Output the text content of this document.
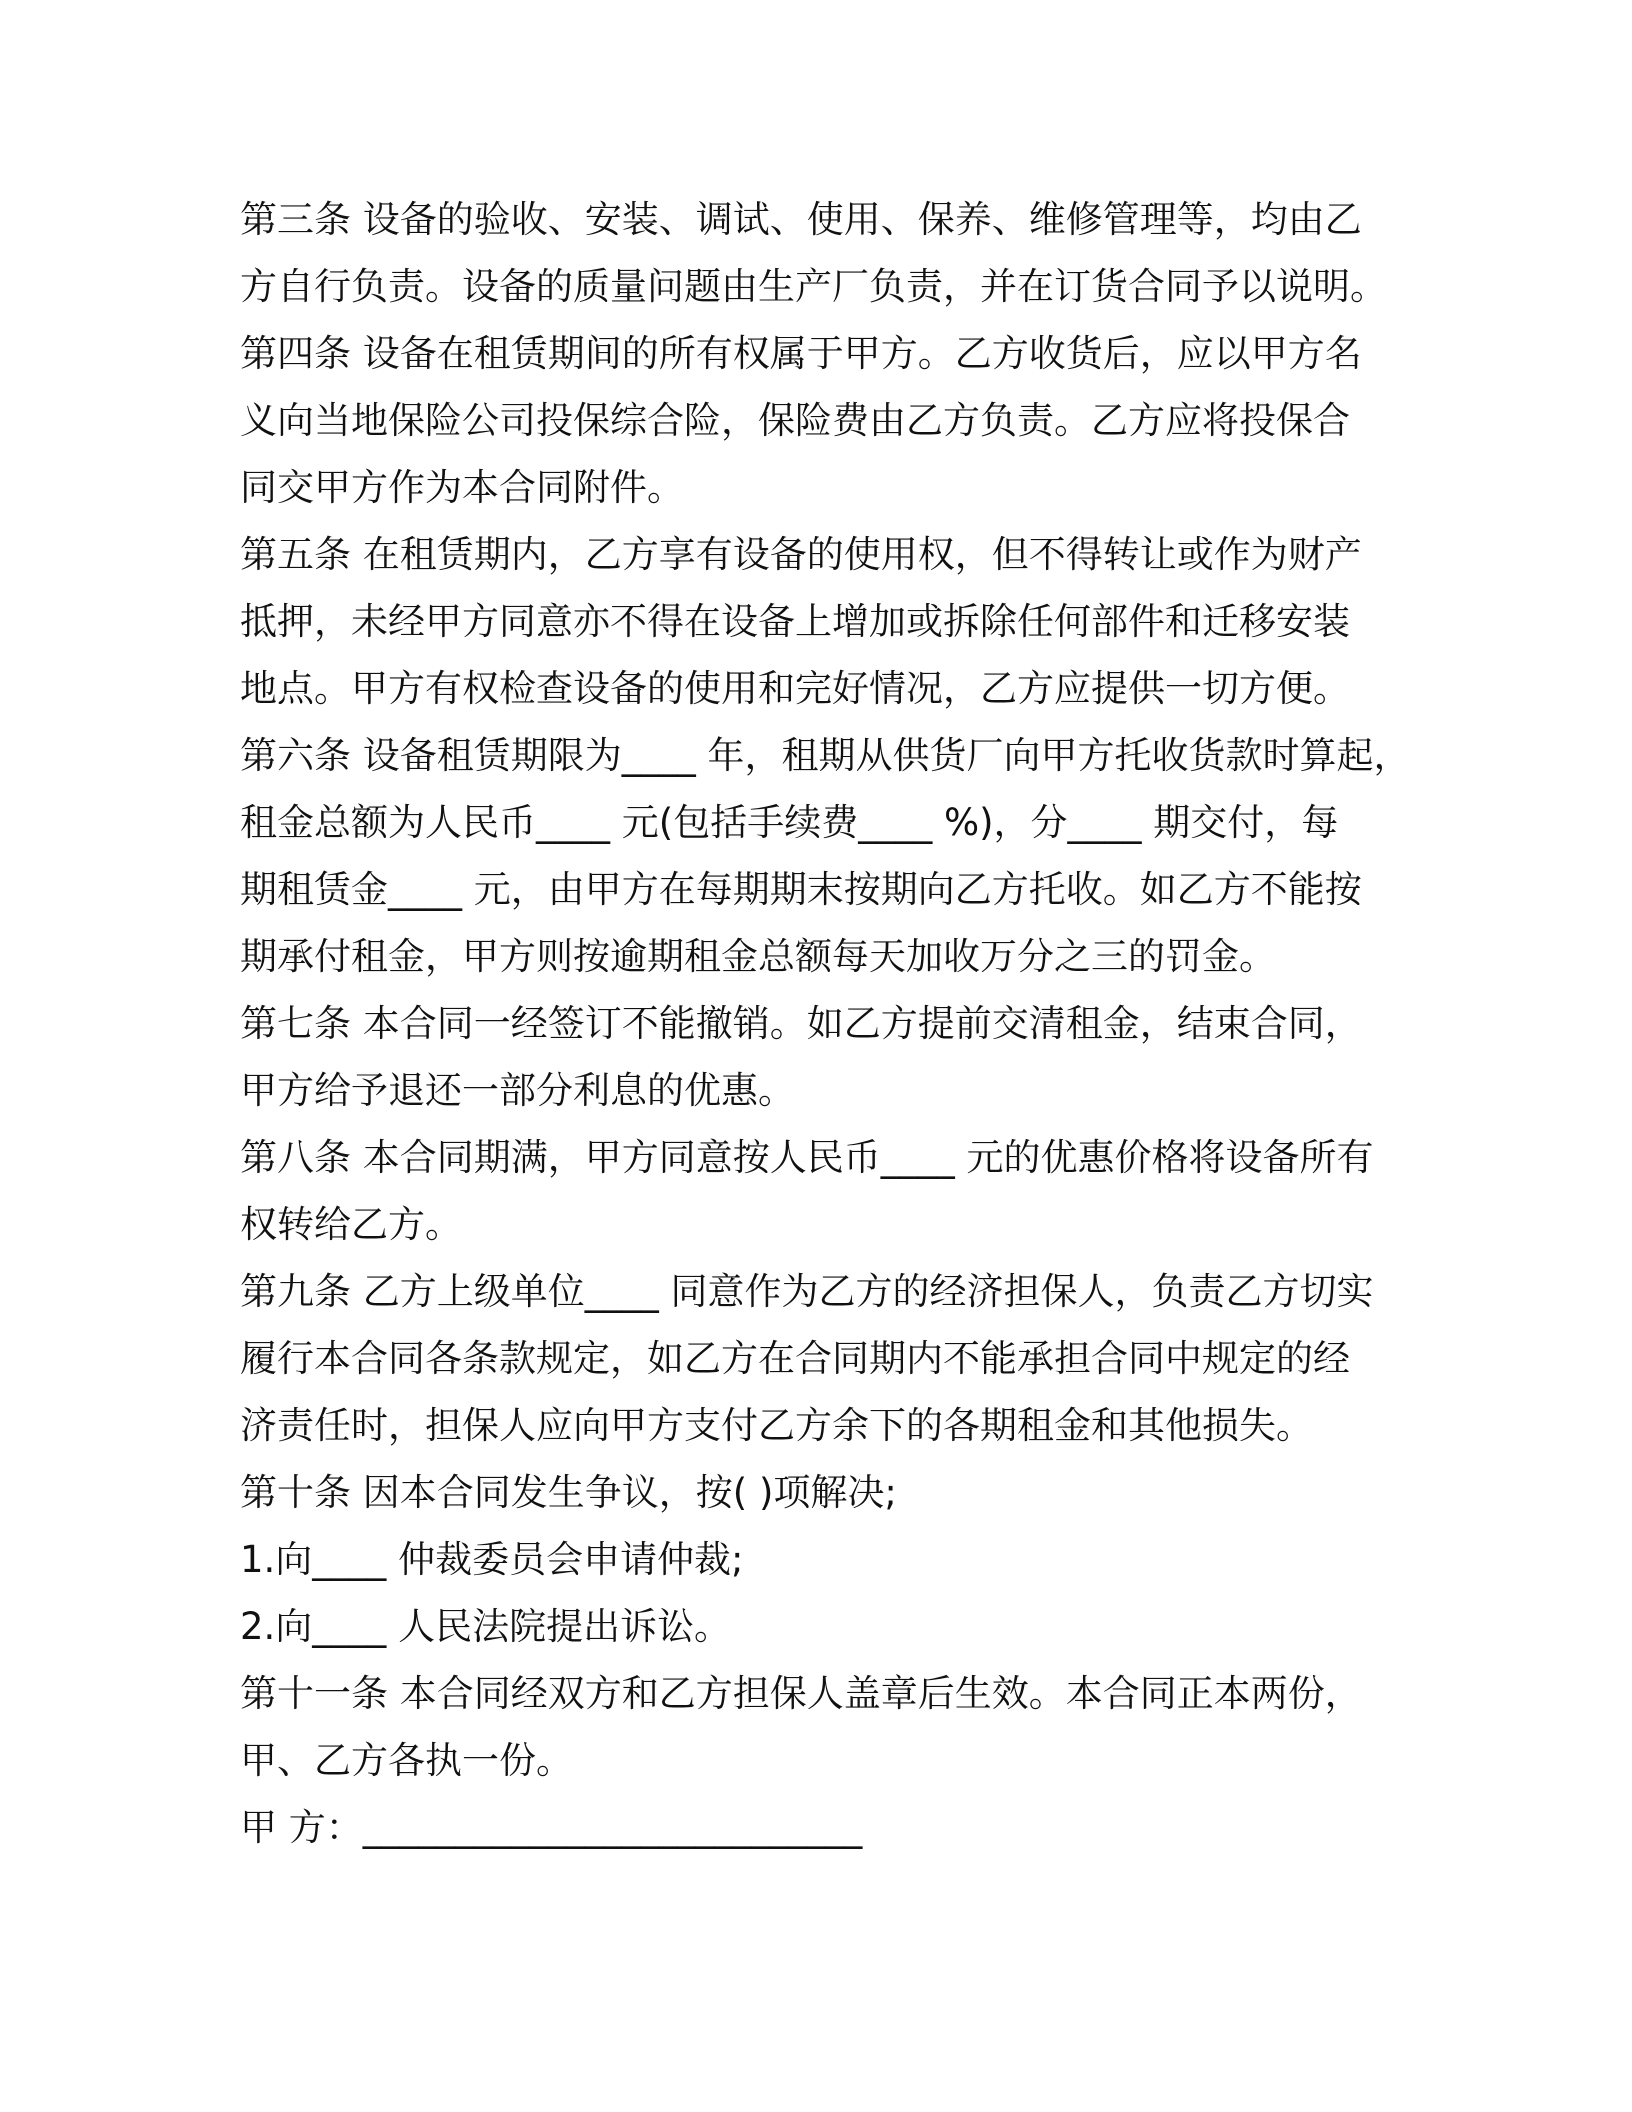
第三条 设备的验收、安装、调试、使用、保养、维修管理等，均由乙
方自行负责。设备的质量问题由生产厂负责，并在订货合同予以说明。
第四条 设备在租赁期间的所有权属于甲方。乙方收货后，应以甲方名
义向当地保险公司投保综合险，保险费由乙方负责。乙方应将投保合
同交甲方作为本合同附件。
第五条 在租赁期内，乙方享有设备的使用权，但不得转让或作为财产
抵押，未经甲方同意亦不得在设备上增加或拆除任何部件和迁移安装
地点。甲方有权检查设备的使用和完好情况，乙方应提供一切方便。
第六条 设备租赁期限为____ 年，租期从供货厂向甲方托收货款时算起，
租金总额为人民币____ 元(包括手续费____ %)，分____ 期交付，每
期租赁金____ 元，由甲方在每期期末按期向乙方托收。如乙方不能按
期承付租金，甲方则按逾期租金总额每天加收万分之三的罚金。
第七条 本合同一经签订不能撤销。如乙方提前交清租金，结束合同，
甲方给予退还一部分利息的优惠。
第八条 本合同期满，甲方同意按人民币____ 元的优惠价格将设备所有
权转给乙方。
第九条 乙方上级单位____ 同意作为乙方的经济担保人，负责乙方切实
履行本合同各条款规定，如乙方在合同期内不能承担合同中规定的经
济责任时，担保人应向甲方支付乙方余下的各期租金和其他损失。
第十条 因本合同发生争议，按( )项解决;
1.向____ 仲裁委员会申请仲裁;
2.向____ 人民法院提出诉讼。
第十一条 本合同经双方和乙方担保人盖章后生效。本合同正本两份，
甲、乙方各执一份。
甲 方：___________________________
